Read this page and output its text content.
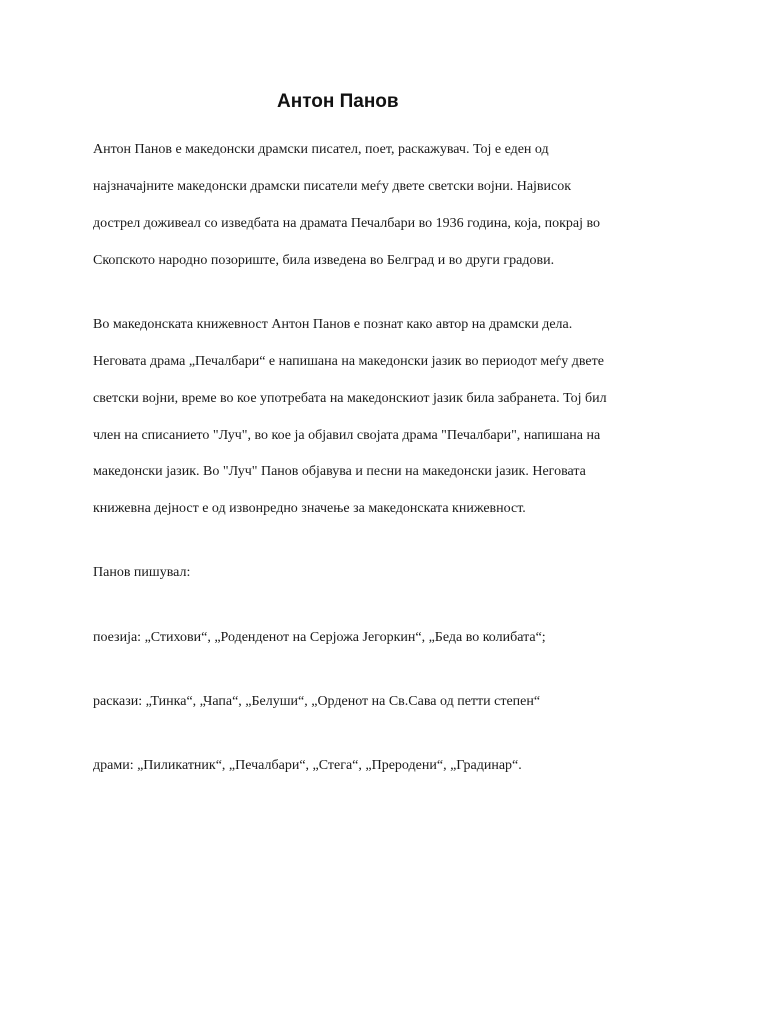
Антон Панов

Антон Панов е македонски драмски писател, поет, раскажувач. Тој е еден од

најзначајните македонски драмски писатели меѓу двете светски војни. Највисок

дострел доживеал со изведбата на драмата Печалбари во 1936 година, која, покрај во

Скопското народно позориште, била изведена во Белград и во други градови.

Во македонската книжевност Антон Панов е познат како автор на драмски дела.

Неговата драма „Печалбари“ е напишана на македонски јазик во периодот меѓу двете

светски војни, време во кое употребата на македонскиот јазик била забранета. Тој бил

член на списанието "Луч", во кое ја објавил својата драма "Печалбари", напишана на

македонски јазик. Во "Луч" Панов објавува и песни на македонски јазик. Неговата

книжевна дејност е од извонредно значење за македонската книжевност.

Панов пишувал:

поезија: „Стихови“, „Роденденот на Серјожа Јегоркин“, „Беда во колибата“;

раскази: „Тинка“, „Чапа“, „Белуши“, „Орденот на Св.Сава од петти степен“

драми: „Пиликатник“, „Печалбари“, „Стега“, „Преродени“, „Градинар“.
